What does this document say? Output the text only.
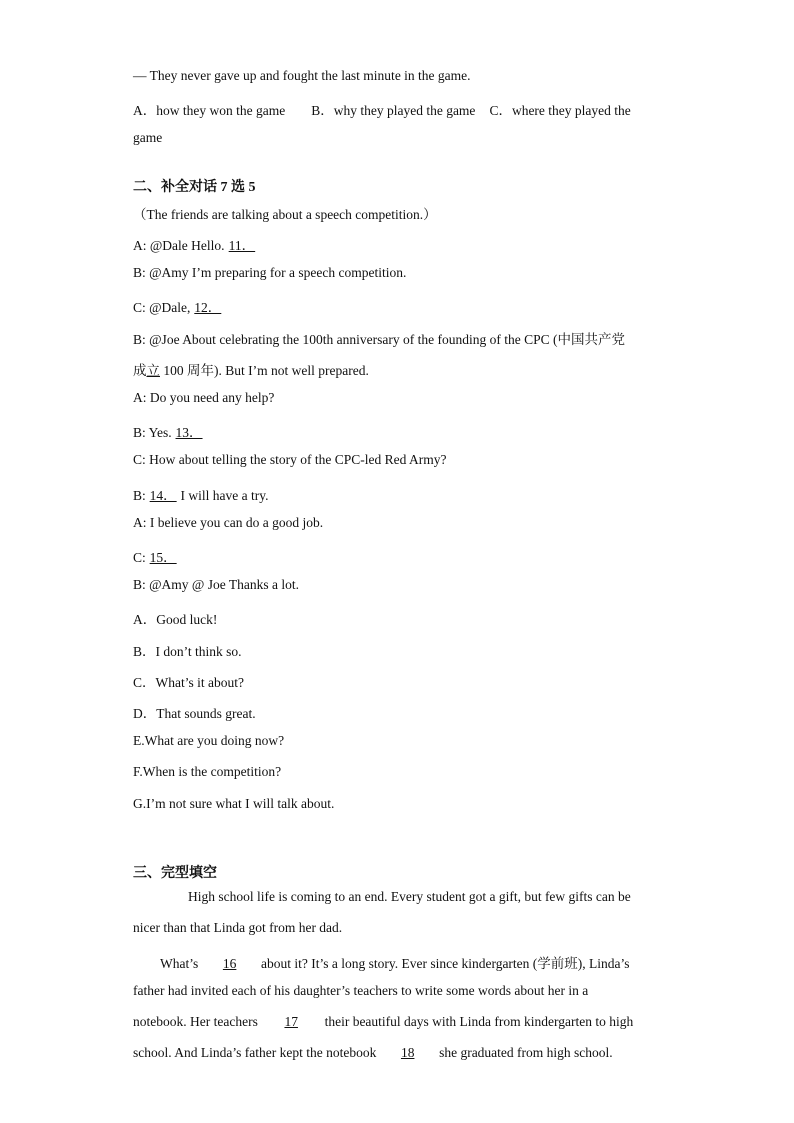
— They never gave up and fought the last minute in the game.
A．how they won the game B．why they played the game C．where they played the
game
二、补全对话 7 选 5
（The friends are talking about a speech competition.）
A: @Dale Hello. 11．
B: @Amy I’m preparing for a speech competition.
C: @Dale, 12．
B: @Joe About celebrating the 100th anniversary of the founding of the CPC (中国共产党
成立 100 周年). But I’m not well prepared.
A: Do you need any help?
B: Yes. 13．
C: How about telling the story of the CPC-led Red Army?
B: 14． I will have a try.
A: I believe you can do a good job.
C: 15．
B: @Amy @ Joe Thanks a lot.
A．Good luck!
B．I don’t think so.
C．What’s it about?
D．That sounds great.
E.What are you doing now?
F.When is the competition?
G.I’m not sure what I will talk about.
三、完型填空
High school life is coming to an end. Every student got a gift, but few gifts can be
nicer than that Linda got from her dad.
What’s 16 about it? It’s a long story. Ever since kindergarten (学前班), Linda’s
father had invited each of his daughter’s teachers to write some words about her in a
notebook. Her teachers 17 their beautiful days with Linda from kindergarten to high
school. And Linda’s father kept the notebook 18 she graduated from high school.
